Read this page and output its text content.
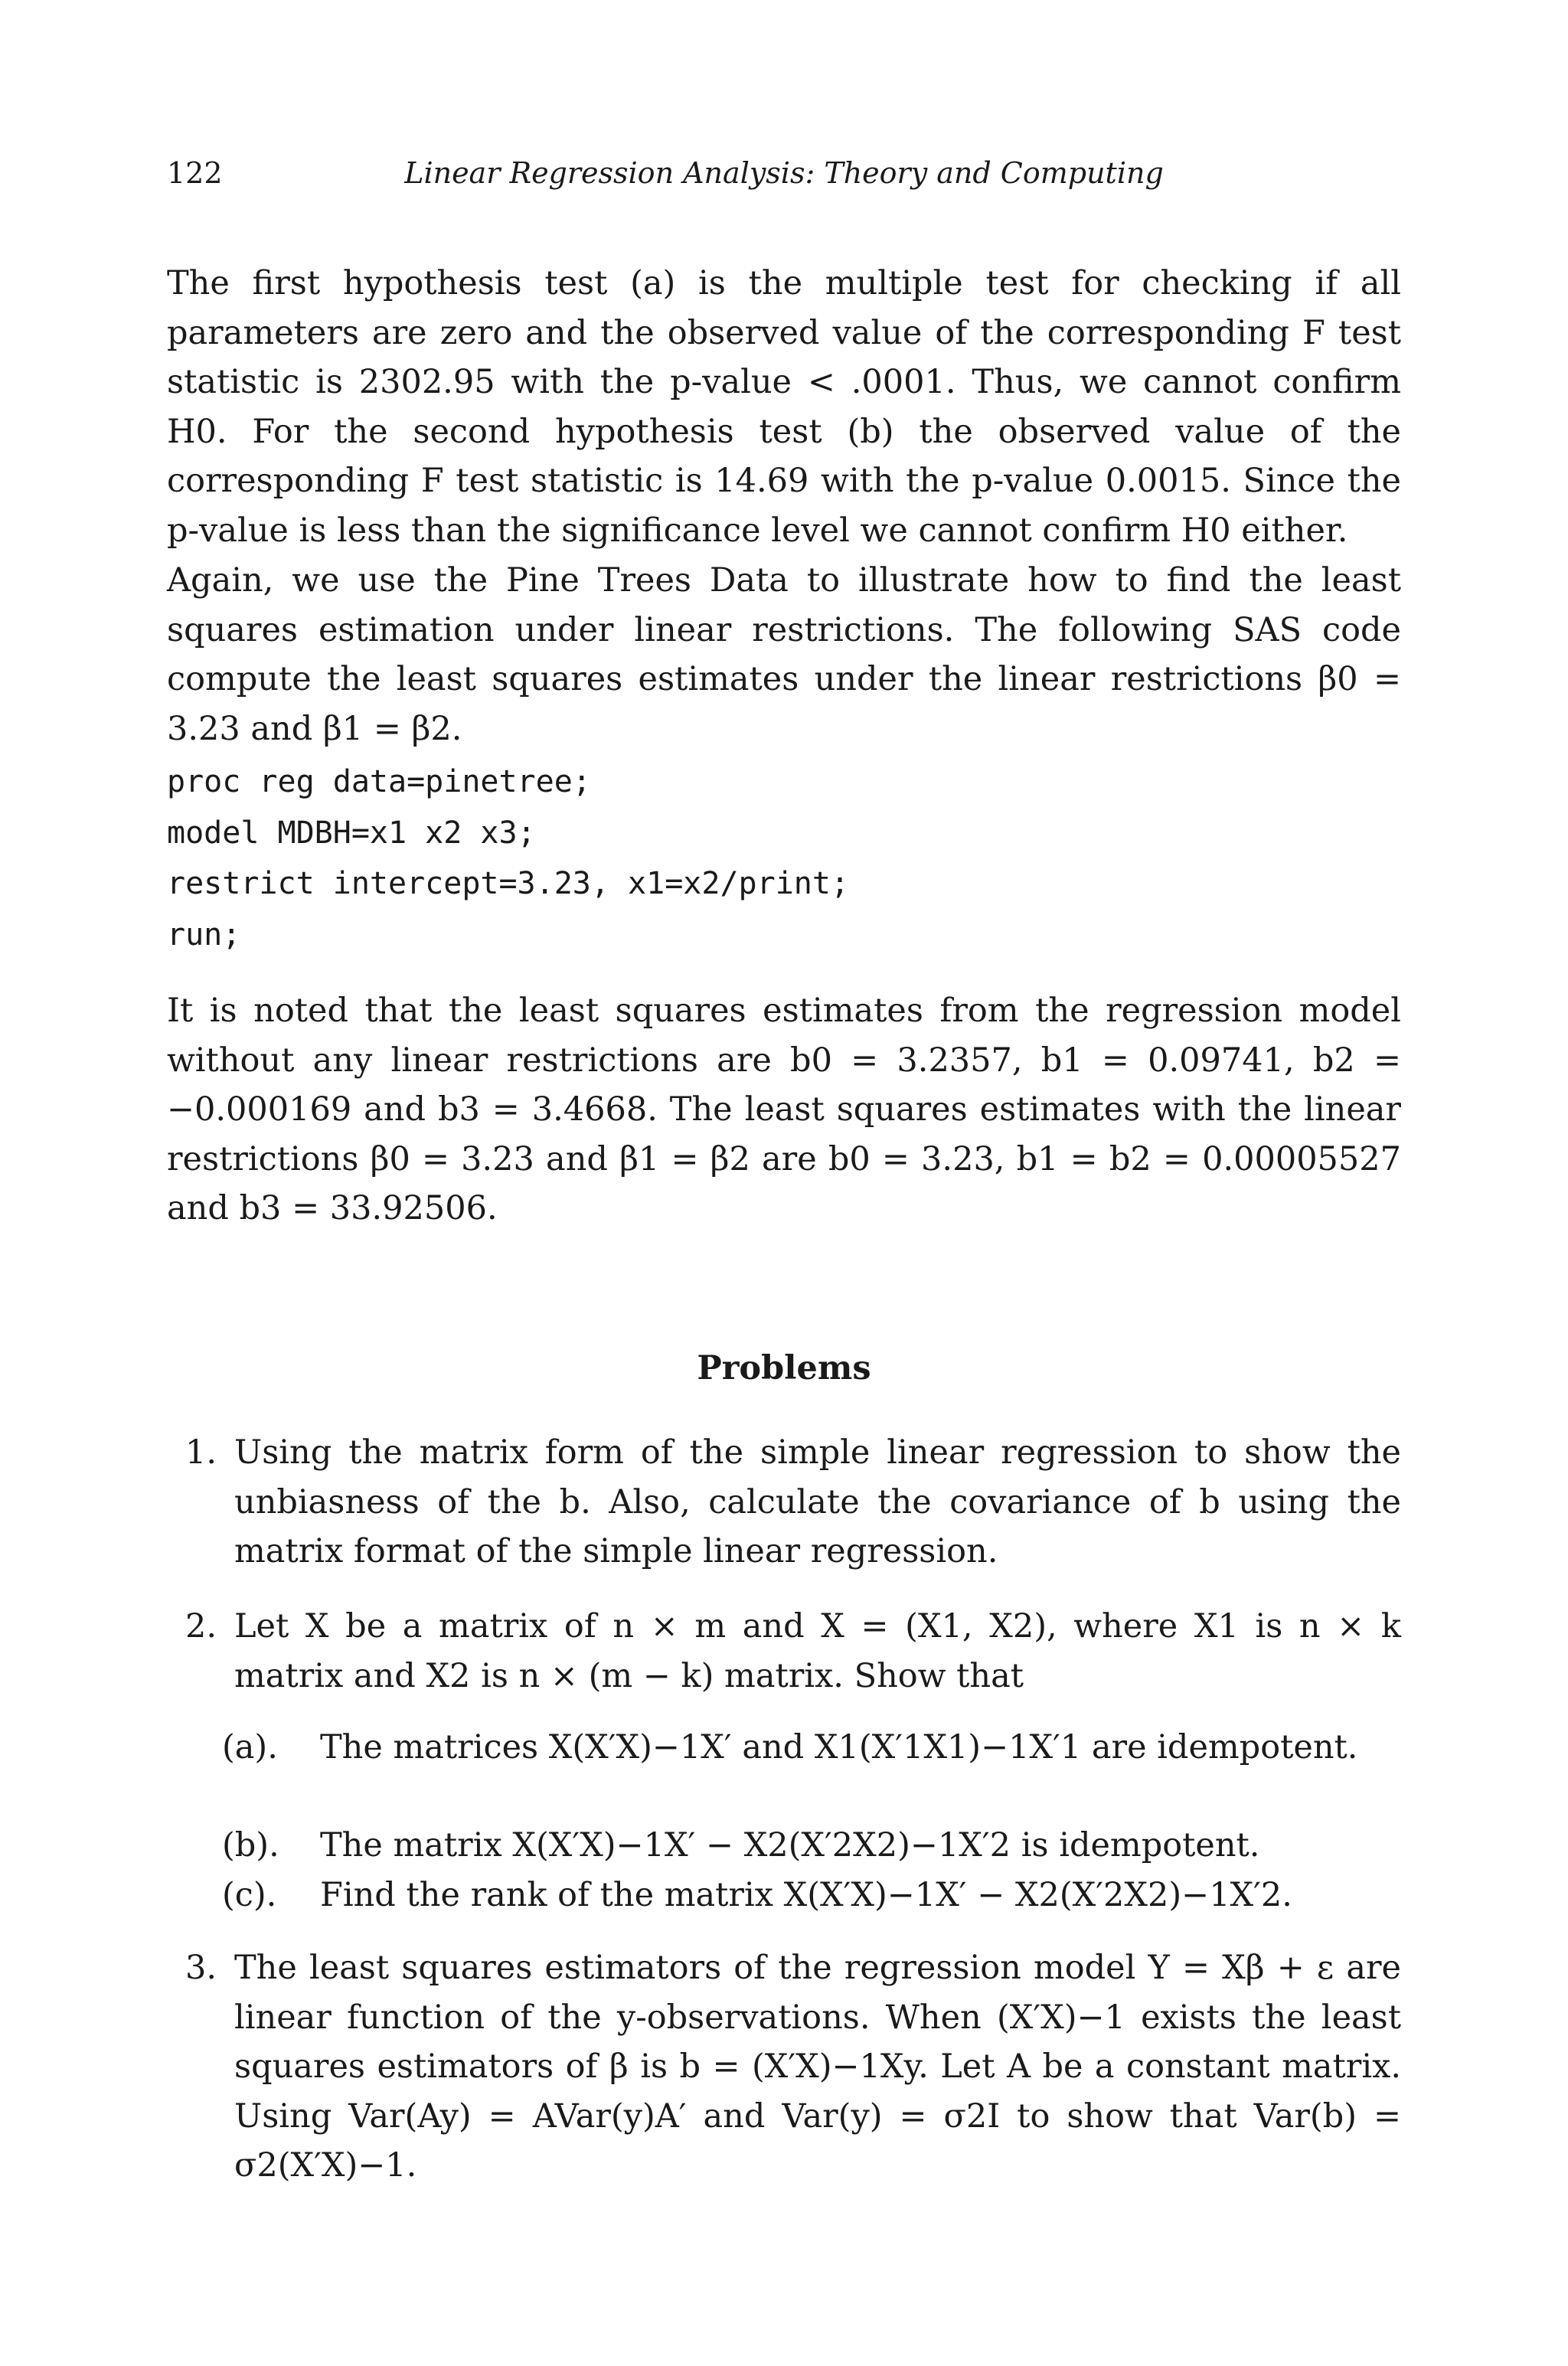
122	Linear Regression Analysis: Theory and Computing

The first hypothesis test (a) is the multiple test for checking if all parameters are zero and the observed value of the corresponding F test statistic is 2302.95 with the p-value < .0001. Thus, we cannot confirm H0. For the second hypothesis test (b) the observed value of the corresponding F test statistic is 14.69 with the p-value 0.0015. Since the p-value is less than the significance level we cannot confirm H0 either.

Again, we use the Pine Trees Data to illustrate how to find the least squares estimation under linear restrictions. The following SAS code compute the least squares estimates under the linear restrictions β0 = 3.23 and β1 = β2.

proc reg data=pinetree;
model MDBH=x1 x2 x3;
restrict intercept=3.23, x1=x2/print;
run;

It is noted that the least squares estimates from the regression model without any linear restrictions are b0 = 3.2357, b1 = 0.09741, b2 = −0.000169 and b3 = 3.4668. The least squares estimates with the linear restrictions β0 = 3.23 and β1 = β2 are b0 = 3.23, b1 = b2 = 0.00005527 and b3 = 33.92506.

Problems
1. Using the matrix form of the simple linear regression to show the unbiasness of the b. Also, calculate the covariance of b using the matrix format of the simple linear regression.
2. Let X be a matrix of n × m and X = (X1, X2), where X1 is n × k matrix and X2 is n × (m − k) matrix. Show that
(a). The matrices X(X′X)−1X′ and X1(X′1X1)−1X′1 are idempotent.
(b). The matrix X(X′X)−1X′ − X2(X′2X2)−1X′2 is idempotent.
(c). Find the rank of the matrix X(X′X)−1X′ − X2(X′2X2)−1X′2.
3. The least squares estimators of the regression model Y = Xβ + ε are linear function of the y-observations. When (X′X)−1 exists the least squares estimators of β is b = (X′X)−1Xy. Let A be a constant matrix. Using Var(Ay) = AVar(y)A′ and Var(y) = σ2I to show that Var(b) = σ2(X′X)−1.
